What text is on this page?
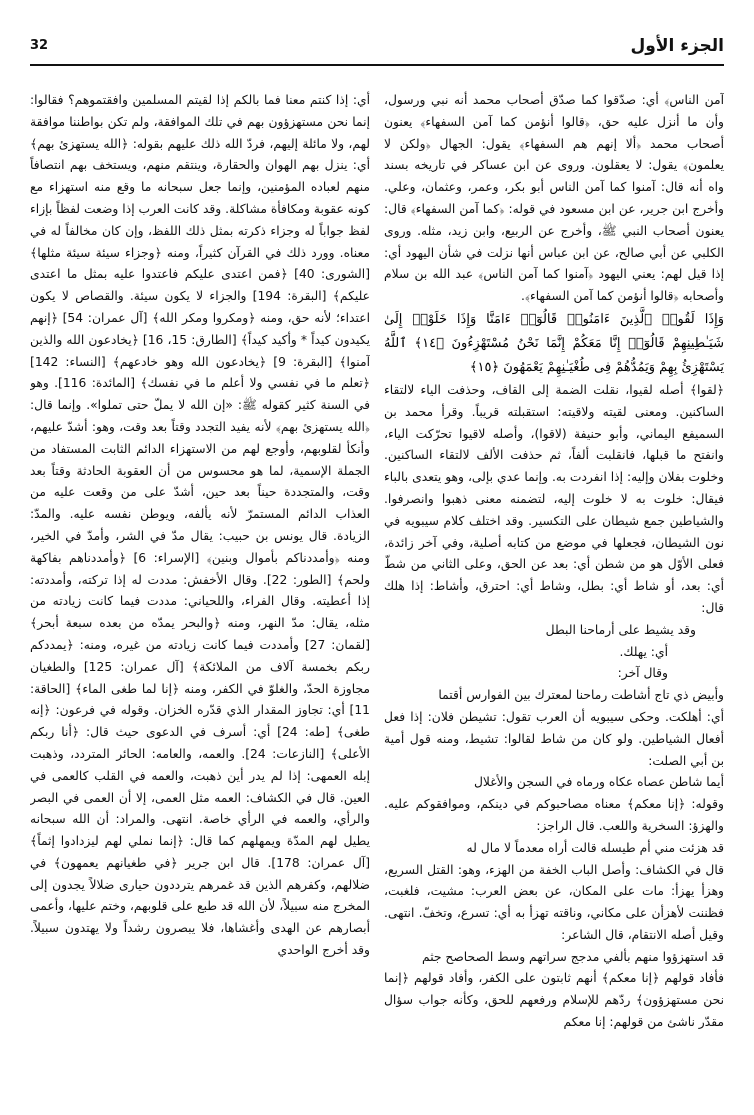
الجزء الأول
32

آمن الناس﴾ أي: صدّقوا كما صدّق أصحاب محمد أنه نبي ورسول، وأن ما أنزل عليه حق، ﴿قالوا أنؤمن كما آمن السفهاء﴾ يعنون أصحاب محمد ﴿ألا إنهم هم السفهاء﴾ يقول: الجهال ﴿ولكن لا يعلمون﴾ يقول: لا يعقلون. وروى عن ابن عساكر في تاريخه بسند واه أنه قال: آمنوا كما آمن الناس أبو بكر، وعمر، وعثمان، وعلي. وأخرج ابن جرير، عن ابن مسعود في قوله: ﴿كما آمن السفهاء﴾ قال: يعنون أصحاب النبي ﷺ، وأخرج عن الربيع، وابن زيد، مثله. وروى الكلبي عن أبي صالح، عن ابن عباس أنها نزلت في شأن اليهود أي: إذا قيل لهم: يعني اليهود ﴿آمنوا كما آمن الناس﴾ عبد الله بن سلام وأصحابه ﴿قالوا أنؤمن كما آمن السفهاء﴾.

وَإِذَا لَقُوا۟ ٱلَّذِينَ ءَامَنُوا۟ قَالُوٓا۟ ءَامَنَّا وَإِذَا خَلَوْا۟ إِلَىٰ شَيَـٰطِينِهِمْ قَالُوٓا۟ إِنَّا مَعَكُمْ إِنَّمَا نَحْنُ مُسْتَهْزِءُونَ ﴿١٤﴾ ٱللَّهُ يَسْتَهْزِئُ بِهِمْ وَيَمُدُّهُمْ فِى طُغْيَـٰنِهِمْ يَعْمَهُونَ ﴿١٥﴾

﴿لقوا﴾ أصله لقيوا، نقلت الضمة إلى القاف، وحذفت الياء لالتقاء الساكنين. ومعنى لقيته ولاقيته: استقبلته قريباً. وقرأ محمد بن السميفع اليماني، وأبو حنيفة (لاقوا)، وأصله لاقيوا تحرّكت الياء، وانفتح ما قبلها، فانقلبت ألفاً، ثم حذفت الألف لالتقاء الساكنين. وخلوت بفلان وإليه: إذا انفردت به. وإنما عدي بإلى، وهو يتعدى بالباء فيقال: خلوت به لا خلوت إليه، لتضمنه معنى ذهبوا وانصرفوا. والشياطين جمع شيطان على التكسير. وقد اختلف كلام سيبويه في نون الشيطان، فجعلها في موضع من كتابه أصلية، وفي آخر زائدة، فعلى الأوّل هو من شطن أي: بعد عن الحق، وعلى الثاني من شطّ أي: بعد، أو شاط أي: بطل، وشاط أي: احترق، وأشاط: إذا هلك قال:

وقد يشيط على أرماحنا البطل

أي: يهلك.

وقال آخر:

وأبيض ذي تاج أشاطت رماحنا لمعترك بين الفوارس أقتما

أي: أهلكت. وحكى سيبويه أن العرب تقول: تشيطن فلان: إذا فعل أفعال الشياطين. ولو كان من شاط لقالوا: تشيط، ومنه قول أمية بن أبي الصلت:

أيما شاطن عصاه عكاه ورماه في السجن والأغلال

وقوله: ﴿إنا معكم﴾ معناه مصاحبوكم في دينكم، وموافقوكم عليه. والهزؤ: السخرية واللعب. قال الراجز:

قد هزئت مني أم طيسله قالت أراه معدماً لا مال له

قال في الكشاف: وأصل الباب الخفة من الهزء، وهو: القتل السريع، وهزأ يهزأ: مات على المكان، عن بعض العرب: مشيت، فلغبت، فظننت لأهزأن على مكاني، وناقته تهزأ به أي: تسرع، وتخفّ. انتهى. وقيل أصله الانتقام، قال الشاعر:

قد استهزؤوا منهم بألفي مدجج سراتهم وسط الصحاصح جثم

فأفاد قولهم ﴿إنا معكم﴾ أنهم ثابتون على الكفر، وأفاد قولهم ﴿إنما نحن مستهزؤون﴾ ردّهم للإسلام ورفعهم للحق، وكأنه جواب سؤال مقدّر ناشئ من قولهم: إنا معكم

أي: إذا كنتم معنا فما بالكم إذا لقيتم المسلمين وافقتموهم؟ فقالوا: إنما نحن مستهزؤون بهم في تلك الموافقة، ولم تكن بواطننا موافقة لهم، ولا مائلة إليهم، فردّ الله ذلك عليهم بقوله: ﴿الله يستهزئ بهم﴾ أي: ينزل بهم الهوان والحقارة، وينتقم منهم، ويستخف بهم انتصافاً منهم لعباده المؤمنين، وإنما جعل سبحانه ما وقع منه استهزاء مع كونه عقوبة ومكافأة مشاكلة. وقد كانت العرب إذا وضعت لفظاً بإزاء لفظ جواباً له وجزاء ذكرته بمثل ذلك اللفظ، وإن كان مخالفاً له في معناه. وورد ذلك في القرآن كثيراً، ومنه ﴿وجزاء سيئة سيئة مثلها﴾ [الشورى: 40] ﴿فمن اعتدى عليكم فاعتدوا عليه بمثل ما اعتدى عليكم﴾ [البقرة: 194] والجزاء لا يكون سيئة. والقصاص لا يكون اعتداء؛ لأنه حق، ومنه ﴿ومكروا ومكر الله﴾ [آل عمران: 54] ﴿إنهم يكيدون كيداً * وأكيد كيداً﴾ [الطارق: 15، 16] ﴿يخادعون الله والذين آمنوا﴾ [البقرة: 9] ﴿يخادعون الله وهو خادعهم﴾ [النساء: 142] ﴿تعلم ما في نفسي ولا أعلم ما في نفسك﴾ [المائدة: 116]. وهو في السنة كثير كقوله ﷺ: «إن الله لا يملّ حتى تملوا». وإنما قال: ﴿الله يستهزئ بهم﴾ لأنه يفيد التجدد وقتاً بعد وقت، وهو: أشدّ عليهم، وأنكأ لقلوبهم، وأوجع لهم من الاستهزاء الدائم الثابت المستفاد من الجملة الإسمية، لما هو محسوس من أن العقوبة الحادثة وقتاً بعد وقت، والمتجددة حيناً بعد حين، أشدّ على من وقعت عليه من العذاب الدائم المستمرّ لأنه يألفه، ويوطن نفسه عليه. والمدّ: الزيادة. قال يونس بن حبيب: يقال مدّ في الشر، وأمدّ في الخير، ومنه ﴿وأمددناكم بأموال وبنين﴾ [الإسراء: 6] ﴿وأمددناهم بفاكهة ولحم﴾ [الطور: 22]. وقال الأخفش: مددت له إذا تركته، وأمددته: إذا أعطيته. وقال الفراء، واللحياني: مددت فيما كانت زيادته من مثله، يقال: مدّ النهر، ومنه ﴿والبحر يمدّه من بعده سبعة أبحر﴾ [لقمان: 27] وأمددت فيما كانت زيادته من غيره، ومنه: ﴿يمددكم ربكم بخمسة آلاف من الملائكة﴾ [آل عمران: 125] والطغيان مجاوزة الحدّ، والغلوّ في الكفر، ومنه ﴿إنا لما طغى الماء﴾ [الحاقة: 11] أي: تجاوز المقدار الذي قدّره الخزان. وقوله في فرعون: ﴿إنه طغى﴾ [طه: 24] أي: أسرف في الدعوى حيث قال: ﴿أنا ربكم الأعلى﴾ [النازعات: 24]. والعمه، والعامه: الحائر المتردد، وذهبت إبله العمهى: إذا لم يدر أين ذهبت، والعمه في القلب كالعمى في العين. قال في الكشاف: العمه مثل العمى، إلا أن العمى في البصر والرأي، والعمه في الرأي خاصة. انتهى. والمراد: أن الله سبحانه يطيل لهم المدّة ويمهلهم كما قال: ﴿إنما نملي لهم ليزدادوا إثماً﴾ [آل عمران: 178]. قال ابن جرير ﴿في طغيانهم يعمهون﴾ في ضلالهم، وكفرهم الذين قد غمرهم يترددون حيارى ضلالاً يجدون إلى المخرج منه سبيلاً، لأن الله قد طبع على قلوبهم، وختم عليها، وأعمى أبصارهم عن الهدى وأغشاها، فلا يبصرون رشداً ولا يهتدون سبيلاً. وقد أخرج الواحدي
